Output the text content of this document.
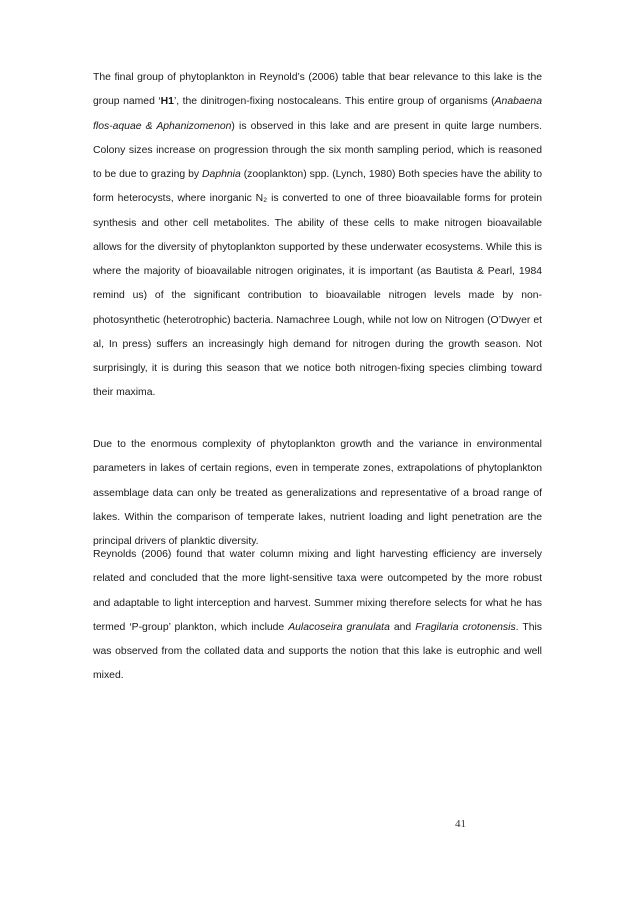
The final group of phytoplankton in Reynold’s (2006) table that bear relevance to this lake is the group named ‘H1’, the dinitrogen-fixing nostocaleans. This entire group of organisms (Anabaena flos-aquae & Aphanizomenon) is observed in this lake and are present in quite large numbers. Colony sizes increase on progression through the six month sampling period, which is reasoned to be due to grazing by Daphnia (zooplankton) spp. (Lynch, 1980) Both species have the ability to form heterocysts, where inorganic N₂ is converted to one of three bioavailable forms for protein synthesis and other cell metabolites. The ability of these cells to make nitrogen bioavailable allows for the diversity of phytoplankton supported by these underwater ecosystems. While this is where the majority of bioavailable nitrogen originates, it is important (as Bautista & Pearl, 1984 remind us) of the significant contribution to bioavailable nitrogen levels made by non-photosynthetic (heterotrophic) bacteria. Namachree Lough, while not low on Nitrogen (O’Dwyer et al, In press) suffers an increasingly high demand for nitrogen during the growth season. Not surprisingly, it is during this season that we notice both nitrogen-fixing species climbing toward their maxima.

Due to the enormous complexity of phytoplankton growth and the variance in environmental parameters in lakes of certain regions, even in temperate zones, extrapolations of phytoplankton assemblage data can only be treated as generalizations and representative of a broad range of lakes. Within the comparison of temperate lakes, nutrient loading and light penetration are the principal drivers of planktic diversity.

Reynolds (2006) found that water column mixing and light harvesting efficiency are inversely related and concluded that the more light-sensitive taxa were outcompeted by the more robust and adaptable to light interception and harvest. Summer mixing therefore selects for what he has termed ‘P-group’ plankton, which include Aulacoseira granulata and Fragilaria crotonensis. This was observed from the collated data and supports the notion that this lake is eutrophic and well mixed.

41
